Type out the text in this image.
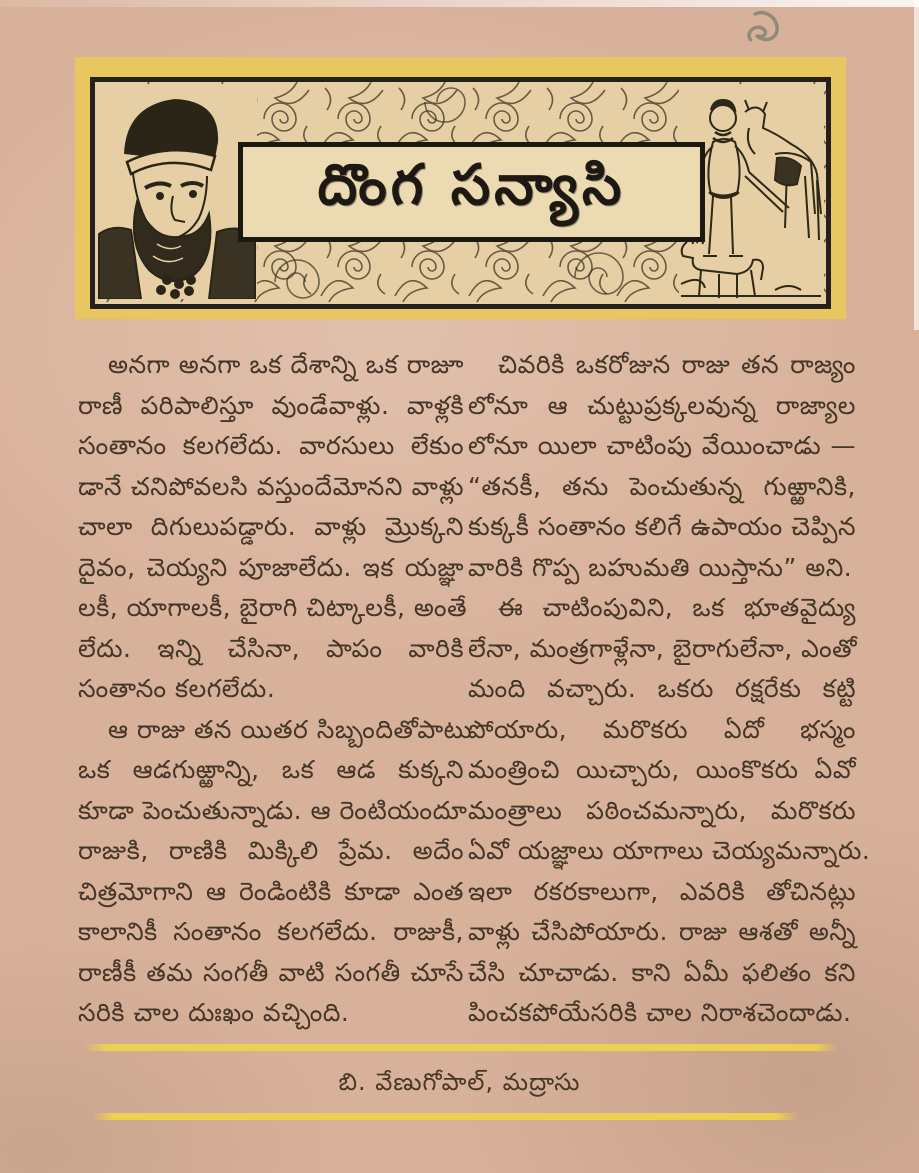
దొంగ సన్యాసి
అనగా అనగా ఒక దేశాన్ని ఒక రాజూ
రాణీ పరిపాలిస్తూ వుండేవాళ్లు. వాళ్లకి
సంతానం కలగలేదు. వారసులు లేకుం
డానే చనిపోవలసి వస్తుందేమోనని వాళ్లు
చాలా దిగులుపడ్డారు. వాళ్లు మ్రొక్కని
దైవం, చెయ్యని పూజాలేదు. ఇక యజ్ఞా
లకీ, యాగాలకీ, బైరాగి చిట్కాలకీ, అంతే
లేదు. ఇన్ని చేసినా, పాపం వారికి
సంతానం కలగలేదు.
ఆ రాజు తన యితర సిబ్బందితోపాటు
ఒక ఆడగుఱ్ఱాన్ని, ఒక ఆడ కుక్కని
కూడా పెంచుతున్నాడు. ఆ రెంటియందూ
రాజుకి, రాణికి మిక్కిలి ప్రేమ. అదేం
చిత్రమోగాని ఆ రెండింటికి కూడా ఎంత
కాలానికీ సంతానం కలగలేదు. రాజుకీ,
రాణీకీ తమ సంగతీ వాటి సంగతీ చూసే
సరికి చాల దుఃఖం వచ్చింది.
చివరికి ఒకరోజున రాజు తన రాజ్యం
లోనూ ఆ చుట్టుప్రక్కలవున్న రాజ్యాల
లోనూ యిలా చాటింపు వేయించాడు —
“తనకీ, తను పెంచుతున్న గుఱ్ఱానికి,
కుక్కకీ సంతానం కలిగే ఉపాయం చెప్పిన
వారికి గొప్ప బహుమతి యిస్తాను” అని.
ఈ చాటింపువిని, ఒక భూతవైద్యు
లేనా, మంత్రగాళ్లేనా, బైరాగులేనా, ఎంతో
మంది వచ్చారు. ఒకరు రక్షరేకు కట్టి
పోయారు, మరొకరు ఏదో భస్మం
మంత్రించి యిచ్చారు, యింకొకరు ఏవో
మంత్రాలు పఠించమన్నారు, మరొకరు
ఏవో యజ్ఞాలు యాగాలు చెయ్యమన్నారు.
ఇలా రకరకాలుగా, ఎవరికి తోచినట్లు
వాళ్లు చేసిపోయారు. రాజు ఆశతో అన్నీ
చేసి చూచాడు. కాని ఏమీ ఫలితం కని
పించకపోయేసరికి చాల నిరాశచెందాడు.
బి. వేణుగోపాల్, మద్రాసు
